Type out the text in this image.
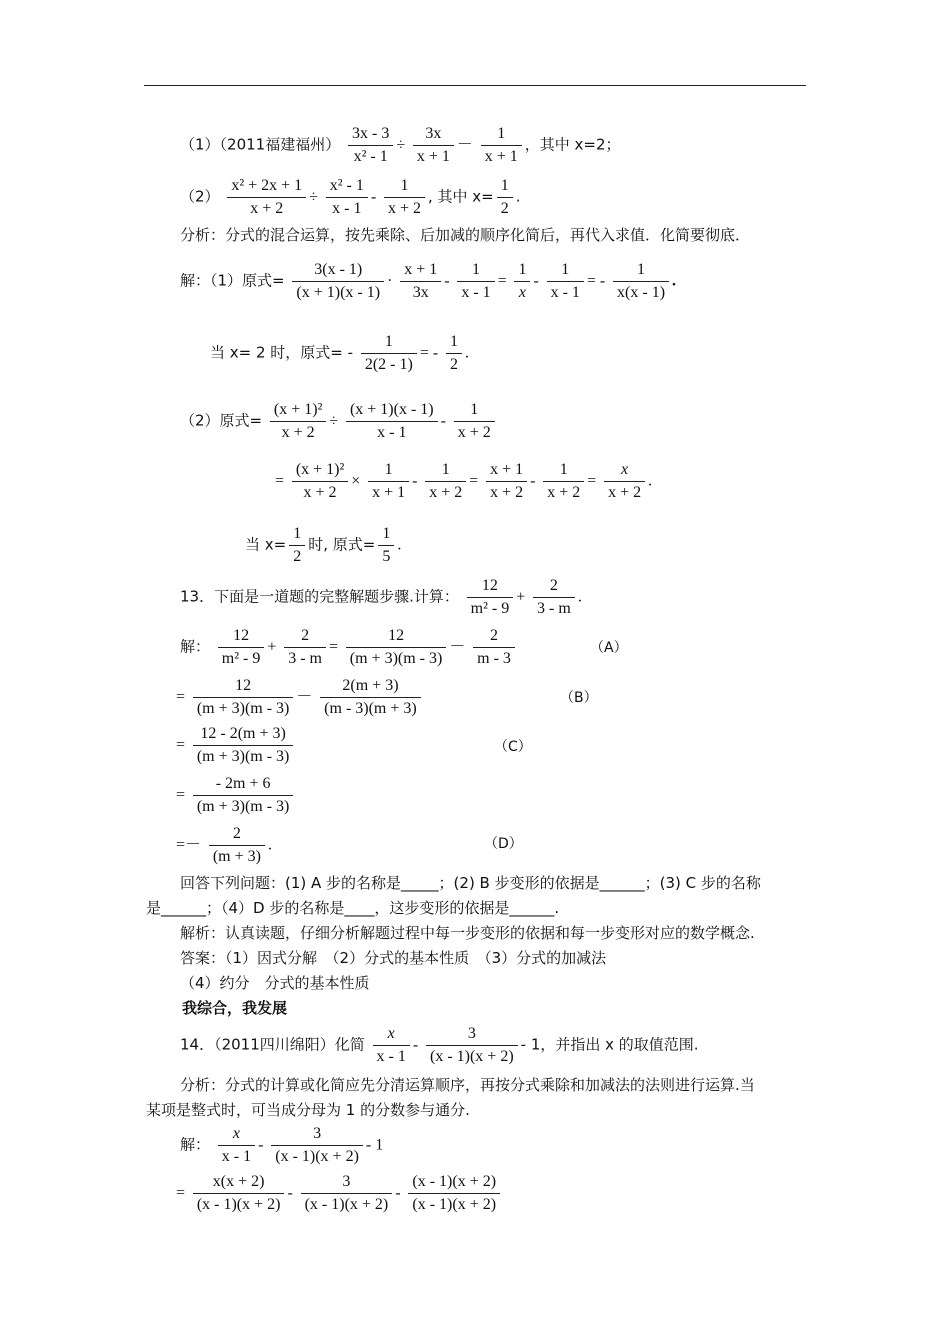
（1）（2011福建福州） $\frac{3x - 3}{\text{x² - 1}} \div \frac{3x}{x + 1} - \frac{1}{x + 1}$ ，其中 x=2；
$(2) \frac{\text{x² + 2x + 1}}{x + 2} \div \frac{\text{x² - 1}}{x - 1} - \frac{1}{x + 2}$ , 其中 $x= \frac{1}{2}$ .
分析：分式的混合运算，按先乘除、后加减的顺序化简后，再代入求值．化简要彻底．
解：（1）原式= $\frac{3(x - 1)}{(x + 1)(x - 1)} \cdot \frac{x + 1}{3x} - \frac{1}{x - 1} = \frac{1}{x} - \frac{1}{x - 1}$ = - $\frac{1}{x(x - 1)}$ .
当 x= 2 时，原式= - $\frac{1}{2(2 - 1)}$ = - $\frac{1}{2}$ .
（2）原式= $\frac{\text{(x + 1)²}}{x + 2} \div \frac{(x + 1)(x - 1)}{x - 1} - \frac{1}{x + 2}$
= $\frac{\text{(x + 1)²}}{x + 2} \times \frac{1}{x + 1} - \frac{1}{x + 2} = \frac{x + 1}{x + 2} - \frac{1}{x + 2} = \frac{x}{x + 2}$ .
当 $x= \frac{1}{2}$ 时, 原式= $\frac{1}{5}$ .
13．下面是一道题的完整解题步骤.计算： $\frac{12}{\text{m² - 9}} + \frac{2}{3 - m}$ .
解： $\frac{12}{\text{m² - 9}} + \frac{2}{3 - m} = \frac{12}{(m + 3)(m - 3)} - \frac{2}{m - 3}$	（A）
= $\frac{12}{(m + 3)(m - 3)} - \frac{2(m + 3)}{(m - 3)(m + 3)}$	（B）
= $\frac{12 - 2(m + 3)}{(m + 3)(m - 3)}$	（C）
= $\frac{- 2m + 6}{(m + 3)(m - 3)}$
=－ $\frac{2}{(m + 3)}$ .	（D）
回答下列问题：(1) A 步的名称是_____；(2) B 步变形的依据是______；(3) C 步的名称
是______；（4）D 步的名称是____，这步变形的依据是______.
解析：认真读题，仔细分析解题过程中每一步变形的依据和每一步变形对应的数学概念.
答案：（1）因式分解　（2）分式的基本性质　（3）分式的加减法
（4）约分　分式的基本性质
我综合，我发展
14．（2011四川绵阳）化简 $\frac{x}{x - 1} - \frac{3}{(x - 1)(x + 2)} - 1$，并指出 x 的取值范围.
分析：分式的计算或化简应先分清运算顺序，再按分式乘除和加减法的法则进行运算.当
某项是整式时，可当成分母为 1 的分数参与通分.
解： $\frac{x}{x - 1} - \frac{3}{(x - 1)(x + 2)} - 1$
= $\frac{x(x + 2)}{(x - 1)(x + 2)} - \frac{3}{(x - 1)(x + 2)} - \frac{(x - 1)(x + 2)}{(x - 1)(x + 2)}$
